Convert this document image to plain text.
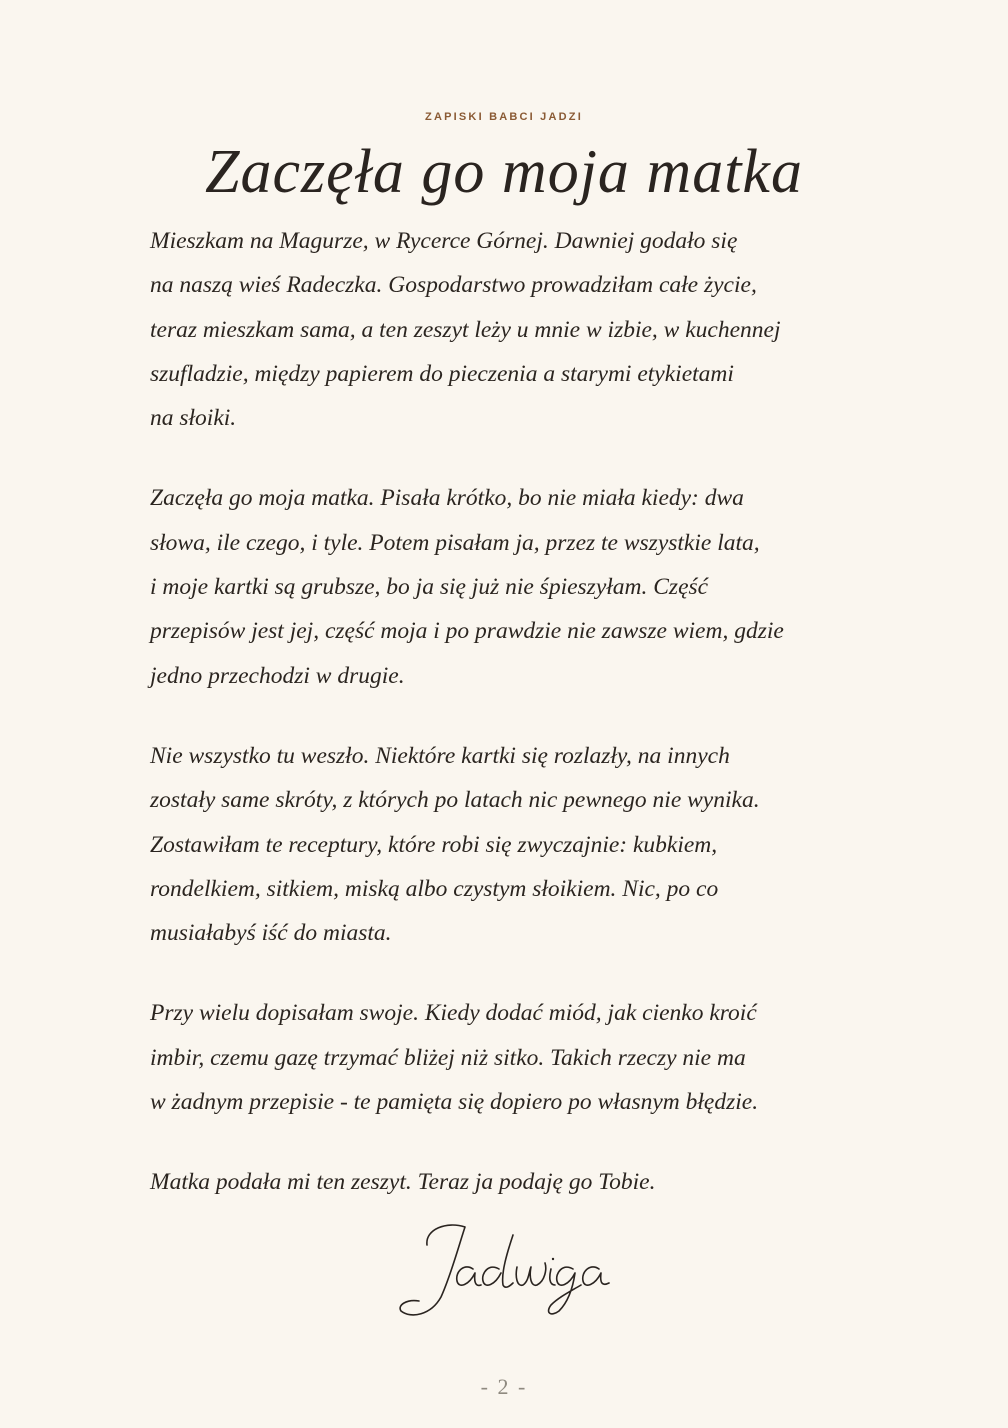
ZAPISKI BABCI JADZI
Zaczęła go moja matka
Mieszkam na Magurze, w Rycerce Górnej. Dawniej godało się
na naszą wieś Radeczka. Gospodarstwo prowadziłam całe życie,
teraz mieszkam sama, a ten zeszyt leży u mnie w izbie, w kuchennej
szufladzie, między papierem do pieczenia a starymi etykietami
na słoiki.
Zaczęła go moja matka. Pisała krótko, bo nie miała kiedy: dwa
słowa, ile czego, i tyle. Potem pisałam ja, przez te wszystkie lata,
i moje kartki są grubsze, bo ja się już nie śpieszyłam. Część
przepisów jest jej, część moja i po prawdzie nie zawsze wiem, gdzie
jedno przechodzi w drugie.
Nie wszystko tu weszło. Niektóre kartki się rozlazły, na innych
zostały same skróty, z których po latach nic pewnego nie wynika.
Zostawiłam te receptury, które robi się zwyczajnie: kubkiem,
rondelkiem, sitkiem, miską albo czystym słoikiem. Nic, po co
musiałabyś iść do miasta.
Przy wielu dopisałam swoje. Kiedy dodać miód, jak cienko kroić
imbir, czemu gazę trzymać bliżej niż sitko. Takich rzeczy nie ma
w żadnym przepisie - te pamięta się dopiero po własnym błędzie.
Matka podała mi ten zeszyt. Teraz ja podaję go Tobie.
- 2 -
